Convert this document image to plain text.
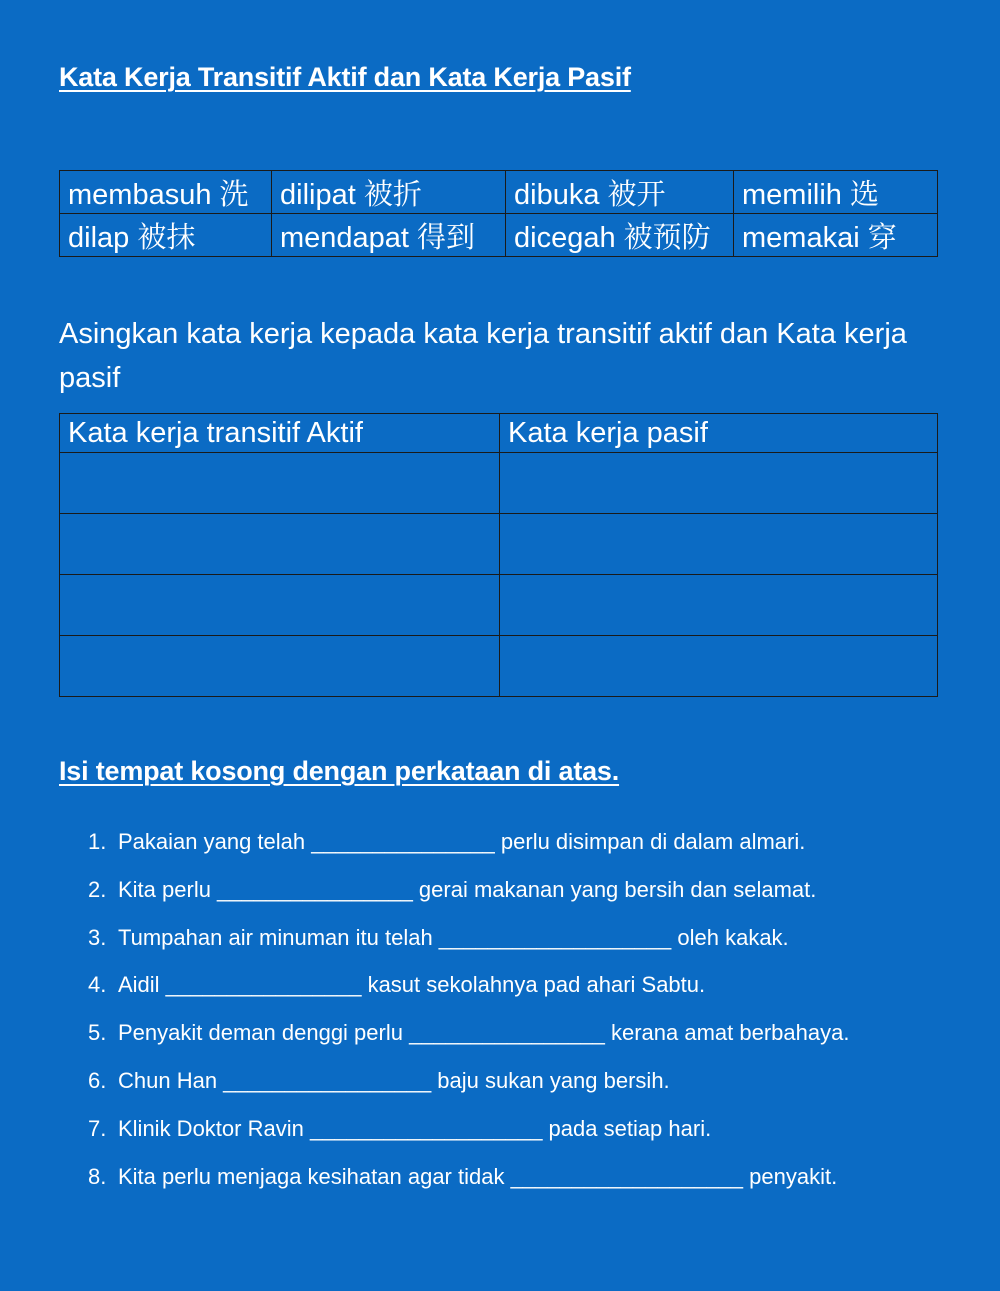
Kata Kerja Transitif Aktif dan Kata Kerja Pasif
membasuh 洗	dilipat 被折	dibuka 被开	memilih 选
dilap 被抹	mendapat 得到	dicegah 被预防	memakai 穿
Asingkan kata kerja kepada kata kerja transitif aktif dan Kata kerja pasif
Kata kerja transitif Aktif	Kata kerja pasif

Isi tempat kosong dengan perkataan di atas.
1. Pakaian yang telah _______________ perlu disimpan di dalam almari.
2. Kita perlu ________________ gerai makanan yang bersih dan selamat.
3. Tumpahan air minuman itu telah ___________________ oleh kakak.
4. Aidil ________________ kasut sekolahnya pad ahari Sabtu.
5. Penyakit deman denggi perlu ________________ kerana amat berbahaya.
6. Chun Han _________________ baju sukan yang bersih.
7. Klinik Doktor Ravin ___________________ pada setiap hari.
8. Kita perlu menjaga kesihatan agar tidak ___________________ penyakit.
